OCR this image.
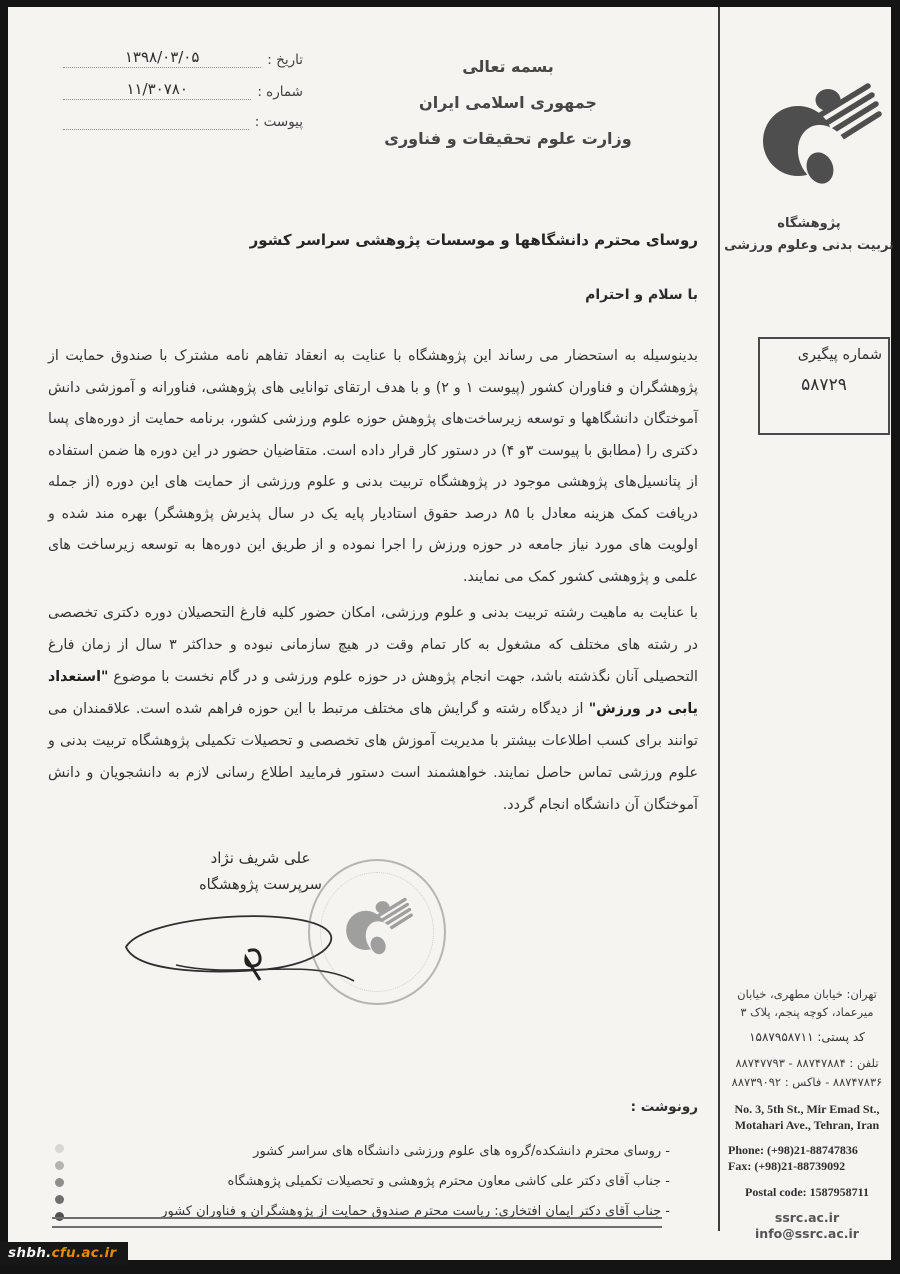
تاریخ :
۱۳۹۸/۰۳/۰۵
شماره :
۱۱/۳۰۷۸۰
پیوست :
بسمه تعالی
جمهوری اسلامی ایران
وزارت علوم تحقیقات و فناوری
پژوهشگاه
تربیت بدنی وعلوم ورزشی
شماره پیگیری
۵۸۷۲۹
روسای محترم دانشگاهها و موسسات پژوهشی سراسر کشور
با سلام و احترام
بدینوسیله به استحضار می رساند این پژوهشگاه با عنایت به انعقاد تفاهم نامه مشترک با صندوق حمایت از پژوهشگران و فناوران کشور (پیوست ۱ و ۲) و با هدف ارتقای توانایی های پژوهشی، فناورانه و آموزشی دانش آموختگان دانشگاهها و توسعه زیرساخت‌های پژوهش حوزه علوم ورزشی کشور، برنامه حمایت از دوره‌های پسا دکتری را (مطابق با پیوست ۳و ۴) در دستور کار قرار داده است. متقاضیان حضور در این دوره ها ضمن استفاده از پتانسیل‌های پژوهشی موجود در پژوهشگاه تربیت بدنی و علوم ورزشی از حمایت های این دوره (از جمله دریافت کمک هزینه معادل با ۸۵ درصد حقوق استادیار پایه یک در سال پذیرش پژوهشگر) بهره مند شده و اولویت های مورد نیاز جامعه در حوزه ورزش را اجرا نموده و از طریق این دوره‌ها به توسعه زیرساخت های علمی و پژوهشی کشور کمک می نمایند.
با عنایت به ماهیت رشته تربیت بدنی و علوم ورزشی، امکان حضور کلیه فارغ التحصیلان دوره دکتری تخصصی در رشته های مختلف که مشغول به کار تمام وقت در هیچ سازمانی نبوده و حداکثر ۳ سال از زمان فارغ التحصیلی آنان نگذشته باشد، جهت انجام پژوهش در حوزه علوم ورزشی و در گام نخست با موضوع "استعداد یابی در ورزش" از دیدگاه رشته و گرایش های مختلف مرتبط با این حوزه فراهم شده است. علاقمندان می توانند برای کسب اطلاعات بیشتر با مدیریت آموزش های تخصصی و تحصیلات تکمیلی پژوهشگاه تربیت بدنی و علوم ورزشی تماس حاصل نمایند. خواهشمند است دستور فرمایید اطلاع رسانی لازم به دانشجویان و دانش آموختگان آن دانشگاه انجام گردد.
علی شریف نژاد
سرپرست پژوهشگاه
رونوشت :
- روسای محترم دانشکده/گروه های علوم ورزشی دانشگاه های سراسر کشور
- جناب آقای دکتر علی کاشی معاون محترم پژوهشی و تحصیلات تکمیلی پژوهشگاه
- جناب آقای دکتر ایمان افتخاری: ریاست محترم صندوق حمایت از پژوهشگران و فناوران کشور
تهران: خیابان مطهری، خیابان
میرعماد، کوچه پنجم، پلاک ۳
کد پستی: ۱۵۸۷۹۵۸۷۱۱
تلفن : ۸۸۷۴۷۸۸۴ - ۸۸۷۴۷۷۹۳
۸۸۷۴۷۸۳۶ - فاکس : ۸۸۷۳۹۰۹۲
No. 3, 5th St., Mir Emad St.,
Motahari Ave., Tehran, Iran
Phone: (+98)21-88747836
Fax: (+98)21-88739092
Postal code: 1587958711
ssrc.ac.ir
info@ssrc.ac.ir
shbh.cfu.ac.ir
